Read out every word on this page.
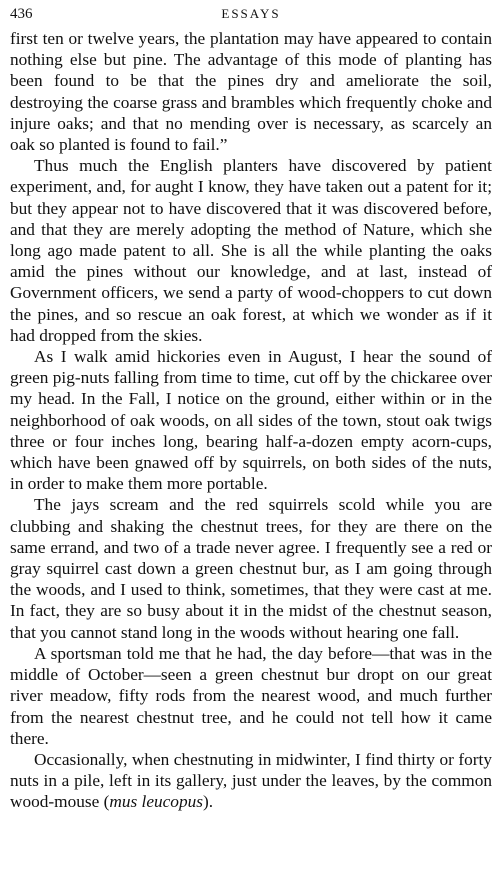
436	ESSAYS

first ten or twelve years, the plantation may have appeared to contain nothing else but pine. The advantage of this mode of planting has been found to be that the pines dry and ameliorate the soil, destroying the coarse grass and brambles which frequently choke and injure oaks; and that no mending over is necessary, as scarcely an oak so planted is found to fail.”

Thus much the English planters have discovered by patient experiment, and, for aught I know, they have taken out a patent for it; but they appear not to have discovered that it was discovered before, and that they are merely adopting the method of Nature, which she long ago made patent to all. She is all the while planting the oaks amid the pines without our knowledge, and at last, instead of Government officers, we send a party of wood-choppers to cut down the pines, and so rescue an oak forest, at which we wonder as if it had dropped from the skies.

As I walk amid hickories even in August, I hear the sound of green pig-nuts falling from time to time, cut off by the chickaree over my head. In the Fall, I notice on the ground, either within or in the neighborhood of oak woods, on all sides of the town, stout oak twigs three or four inches long, bearing half-a-dozen empty acorn-cups, which have been gnawed off by squirrels, on both sides of the nuts, in order to make them more portable.

The jays scream and the red squirrels scold while you are clubbing and shaking the chestnut trees, for they are there on the same errand, and two of a trade never agree. I frequently see a red or gray squirrel cast down a green chestnut bur, as I am going through the woods, and I used to think, sometimes, that they were cast at me. In fact, they are so busy about it in the midst of the chestnut season, that you cannot stand long in the woods without hearing one fall.

A sportsman told me that he had, the day before—that was in the middle of October—seen a green chestnut bur dropt on our great river meadow, fifty rods from the nearest wood, and much further from the nearest chestnut tree, and he could not tell how it came there.

Occasionally, when chestnuting in midwinter, I find thirty or forty nuts in a pile, left in its gallery, just under the leaves, by the common wood-mouse (mus leucopus).
